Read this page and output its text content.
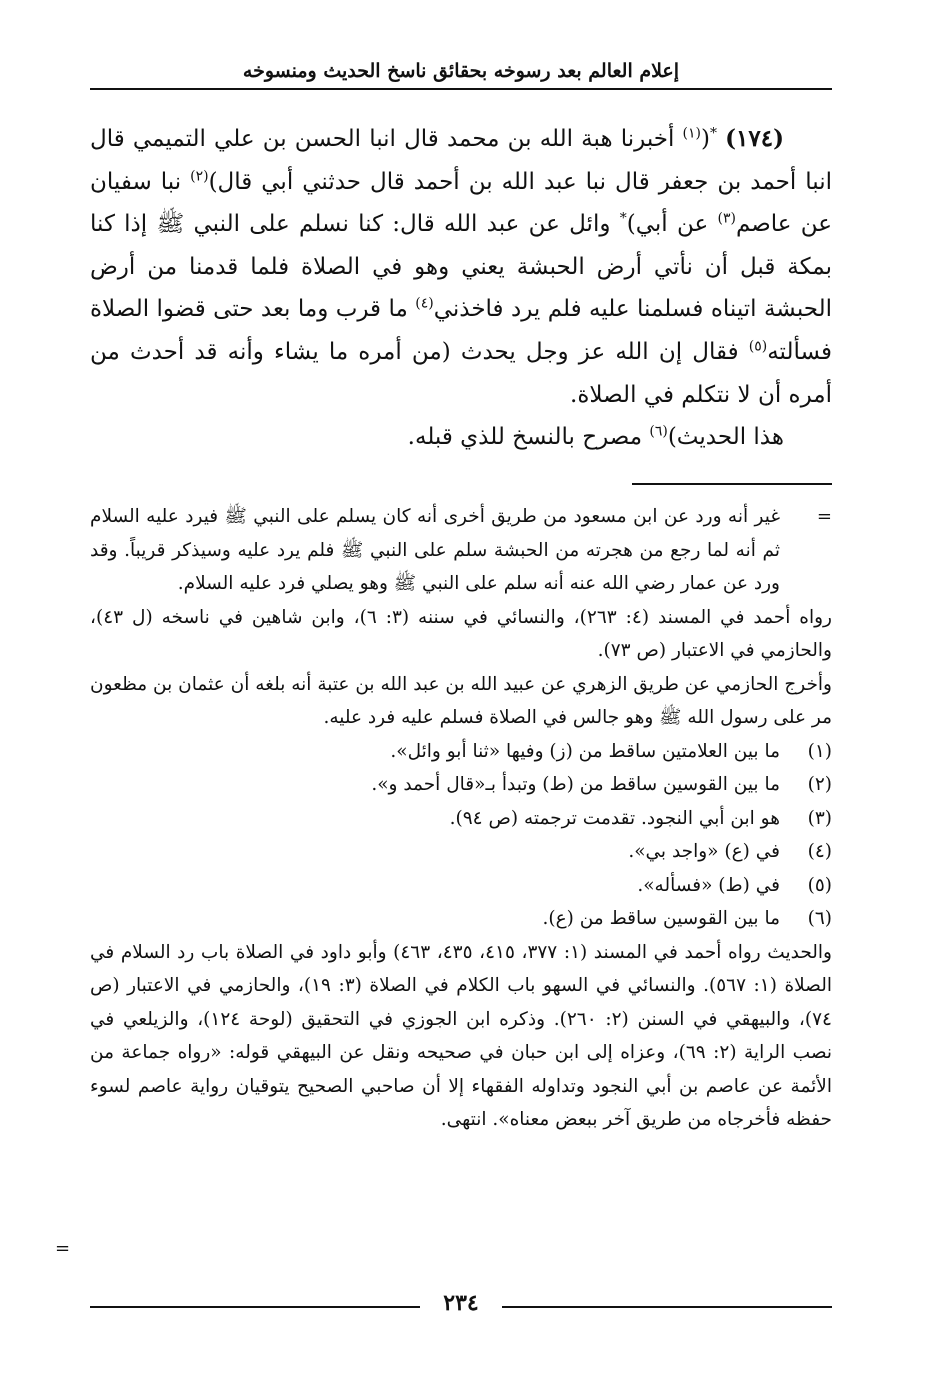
إعلام العالم بعد رسوخه بحقائق ناسخ الحديث ومنسوخه

(١٧٤) *($^{(١)}$ أخبرنا هبة الله بن محمد قال انبا الحسن بن علي التميمي قال انبا أحمد بن جعفر قال نبا عبد الله بن أحمد قال حدثني أبي قال)$^{(٢)}$ نبا سفيان عن عاصم$^{(٣)}$ عن أبي)* وائل عن عبد الله قال: كنا نسلم على النبي ﷺ إذا كنا بمكة قبل أن نأتي أرض الحبشة يعني وهو في الصلاة فلما قدمنا من أرض الحبشة اتيناه فسلمنا عليه فلم يرد فاخذني$^{(٤)}$ ما قرب وما بعد حتى قضوا الصلاة فسألته$^{(٥)}$ فقال إن الله عز وجل يحدث (من أمره ما يشاء وأنه قد أحدث من أمره أن لا نتكلم في الصلاة.

هذا الحديث)$^{(٦)}$ مصرح بالنسخ للذي قبله.

=

غير أنه ورد عن ابن مسعود من طريق أخرى أنه كان يسلم على النبي ﷺ فيرد عليه السلام ثم أنه لما رجع من هجرته من الحبشة سلم على النبي ﷺ فلم يرد عليه وسيذكر قريباً. وقد ورد عن عمار رضي الله عنه أنه سلم على النبي ﷺ وهو يصلي فرد عليه السلام.

رواه أحمد في المسند (٤: ٢٦٣)، والنسائي في سننه (٣: ٦)، وابن شاهين في ناسخه (ل ٤٣)، والحازمي في الاعتبار (ص ٧٣).

وأخرج الحازمي عن طريق الزهري عن عبيد الله بن عبد الله بن عتبة أنه بلغه أن عثمان بن مظعون مر على رسول الله ﷺ وهو جالس في الصلاة فسلم عليه فرد عليه.

(١)
ما بين العلامتين ساقط من (ز) وفيها «ثنا أبو وائل».
(٢)
ما بين القوسين ساقط من (ط) وتبدأ بـ«قال أحمد و».
(٣)
هو ابن أبي النجود. تقدمت ترجمته (ص ٩٤).
(٤)
في (ع) «واجد بي».
(٥)
في (ط) «فسأله».
(٦)
ما بين القوسين ساقط من (ع).

والحديث رواه أحمد في المسند (١: ٣٧٧، ٤١٥، ٤٣٥، ٤٦٣) وأبو داود في الصلاة باب رد السلام في الصلاة (١: ٥٦٧). والنسائي في السهو باب الكلام في الصلاة (٣: ١٩)، والحازمي في الاعتبار (ص ٧٤)، والبيهقي في السنن (٢: ٢٦٠). وذكره ابن الجوزي في التحقيق (لوحة ١٢٤)، والزيلعي في نصب الراية (٢: ٦٩)، وعزاه إلى ابن حبان في صحيحه ونقل عن البيهقي قوله: «رواه جماعة من الأئمة عن عاصم بن أبي النجود وتداوله الفقهاء إلا أن صاحبي الصحيح يتوقيان رواية عاصم لسوء حفظه فأخرجاه من طريق آخر ببعض معناه». انتهى.

=
٢٣٤
